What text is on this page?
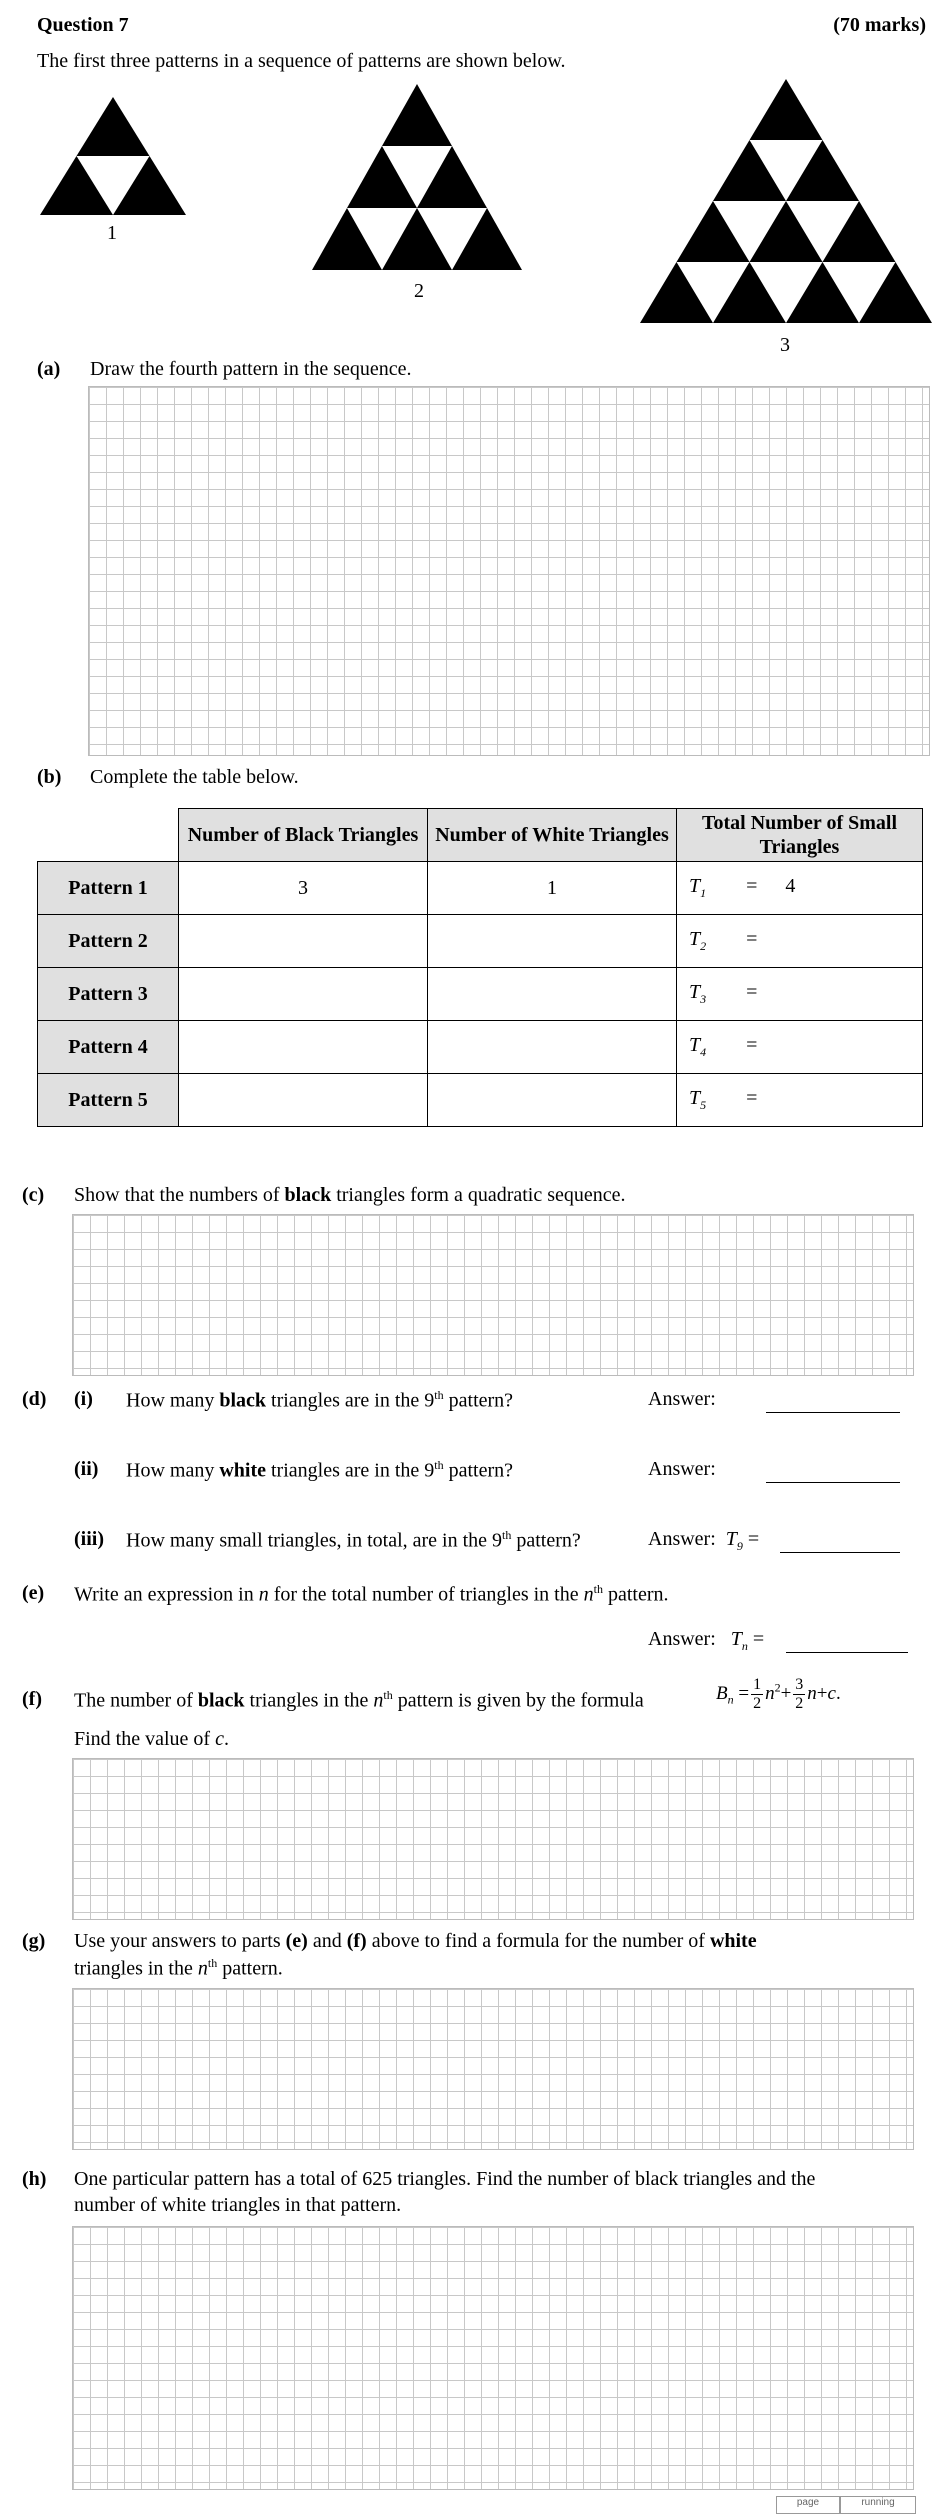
Question 7	(70 marks)
The first three patterns in a sequence of patterns are shown below.
1
2
3
(a) Draw the fourth pattern in the sequence.
(b) Complete the table below.
	Number of Black Triangles	Number of White Triangles	Total Number of Small Triangles
Pattern 1	3	1	$T_1 = 4$
Pattern 2			$T_2$ =
Pattern 3			$T_3$ =
Pattern 4			$T_4$ =
Pattern 5			$T_5$ =
(c) Show that the numbers of black triangles form a quadratic sequence.
(d) (i) How many black triangles are in the 9th pattern?	Answer:
(ii) How many white triangles are in the 9th pattern?	Answer:
(iii) How many small triangles, in total, are in the 9th pattern?	Answer: $T_9$ =
(e) Write an expression in n for the total number of triangles in the $n^{th}$ pattern.
Answer: $T_n$ =
(f) The number of black triangles in the $n^{th}$ pattern is given by the formula	$B_n = \frac{1}{2} n^2+ \frac{3}{2} n+c$.
Find the value of c.
(g) Use your answers to parts (e) and (f) above to find a formula for the number of white
triangles in the $n^{th}$ pattern.
(h) One particular pattern has a total of 625 triangles. Find the number of black triangles and the
number of white triangles in that pattern.
page	running
